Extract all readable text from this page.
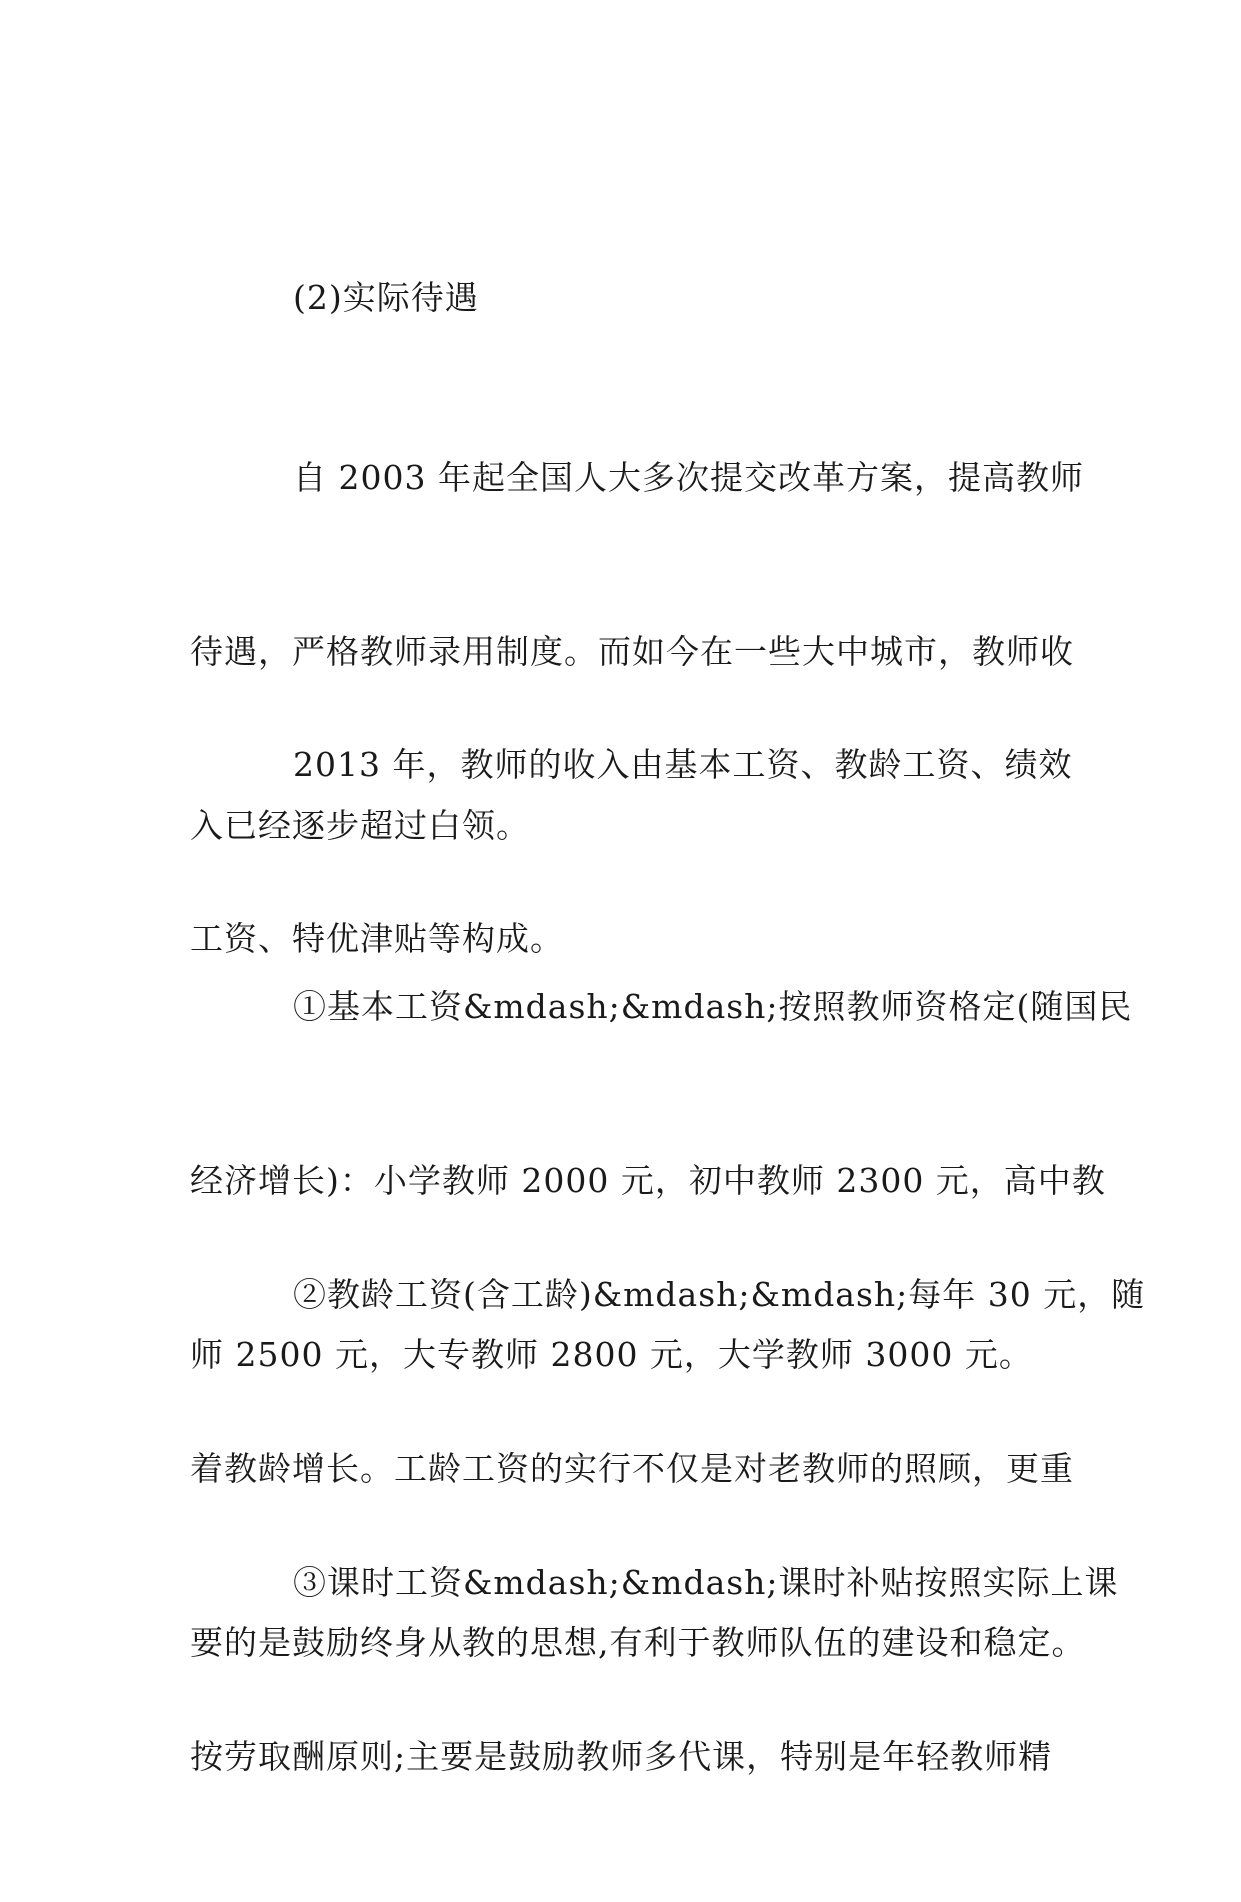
(2)实际待遇

自 2003 年起全国人大多次提交改革方案，提高教师

待遇，严格教师录用制度。而如今在一些大中城市，教师收

入已经逐步超过白领。

2013 年，教师的收入由基本工资、教龄工资、绩效

工资、特优津贴等构成。

①基本工资&mdash;&mdash;按照教师资格定(随国民

经济增长)：小学教师 2000 元，初中教师 2300 元，高中教

师 2500 元，大专教师 2800 元，大学教师 3000 元。

②教龄工资(含工龄)&mdash;&mdash;每年 30 元，随

着教龄增长。工龄工资的实行不仅是对老教师的照顾，更重

要的是鼓励终身从教的思想,有利于教师队伍的建设和稳定。

③课时工资&mdash;&mdash;课时补贴按照实际上课

按劳取酬原则;主要是鼓励教师多代课，特别是年轻教师精
